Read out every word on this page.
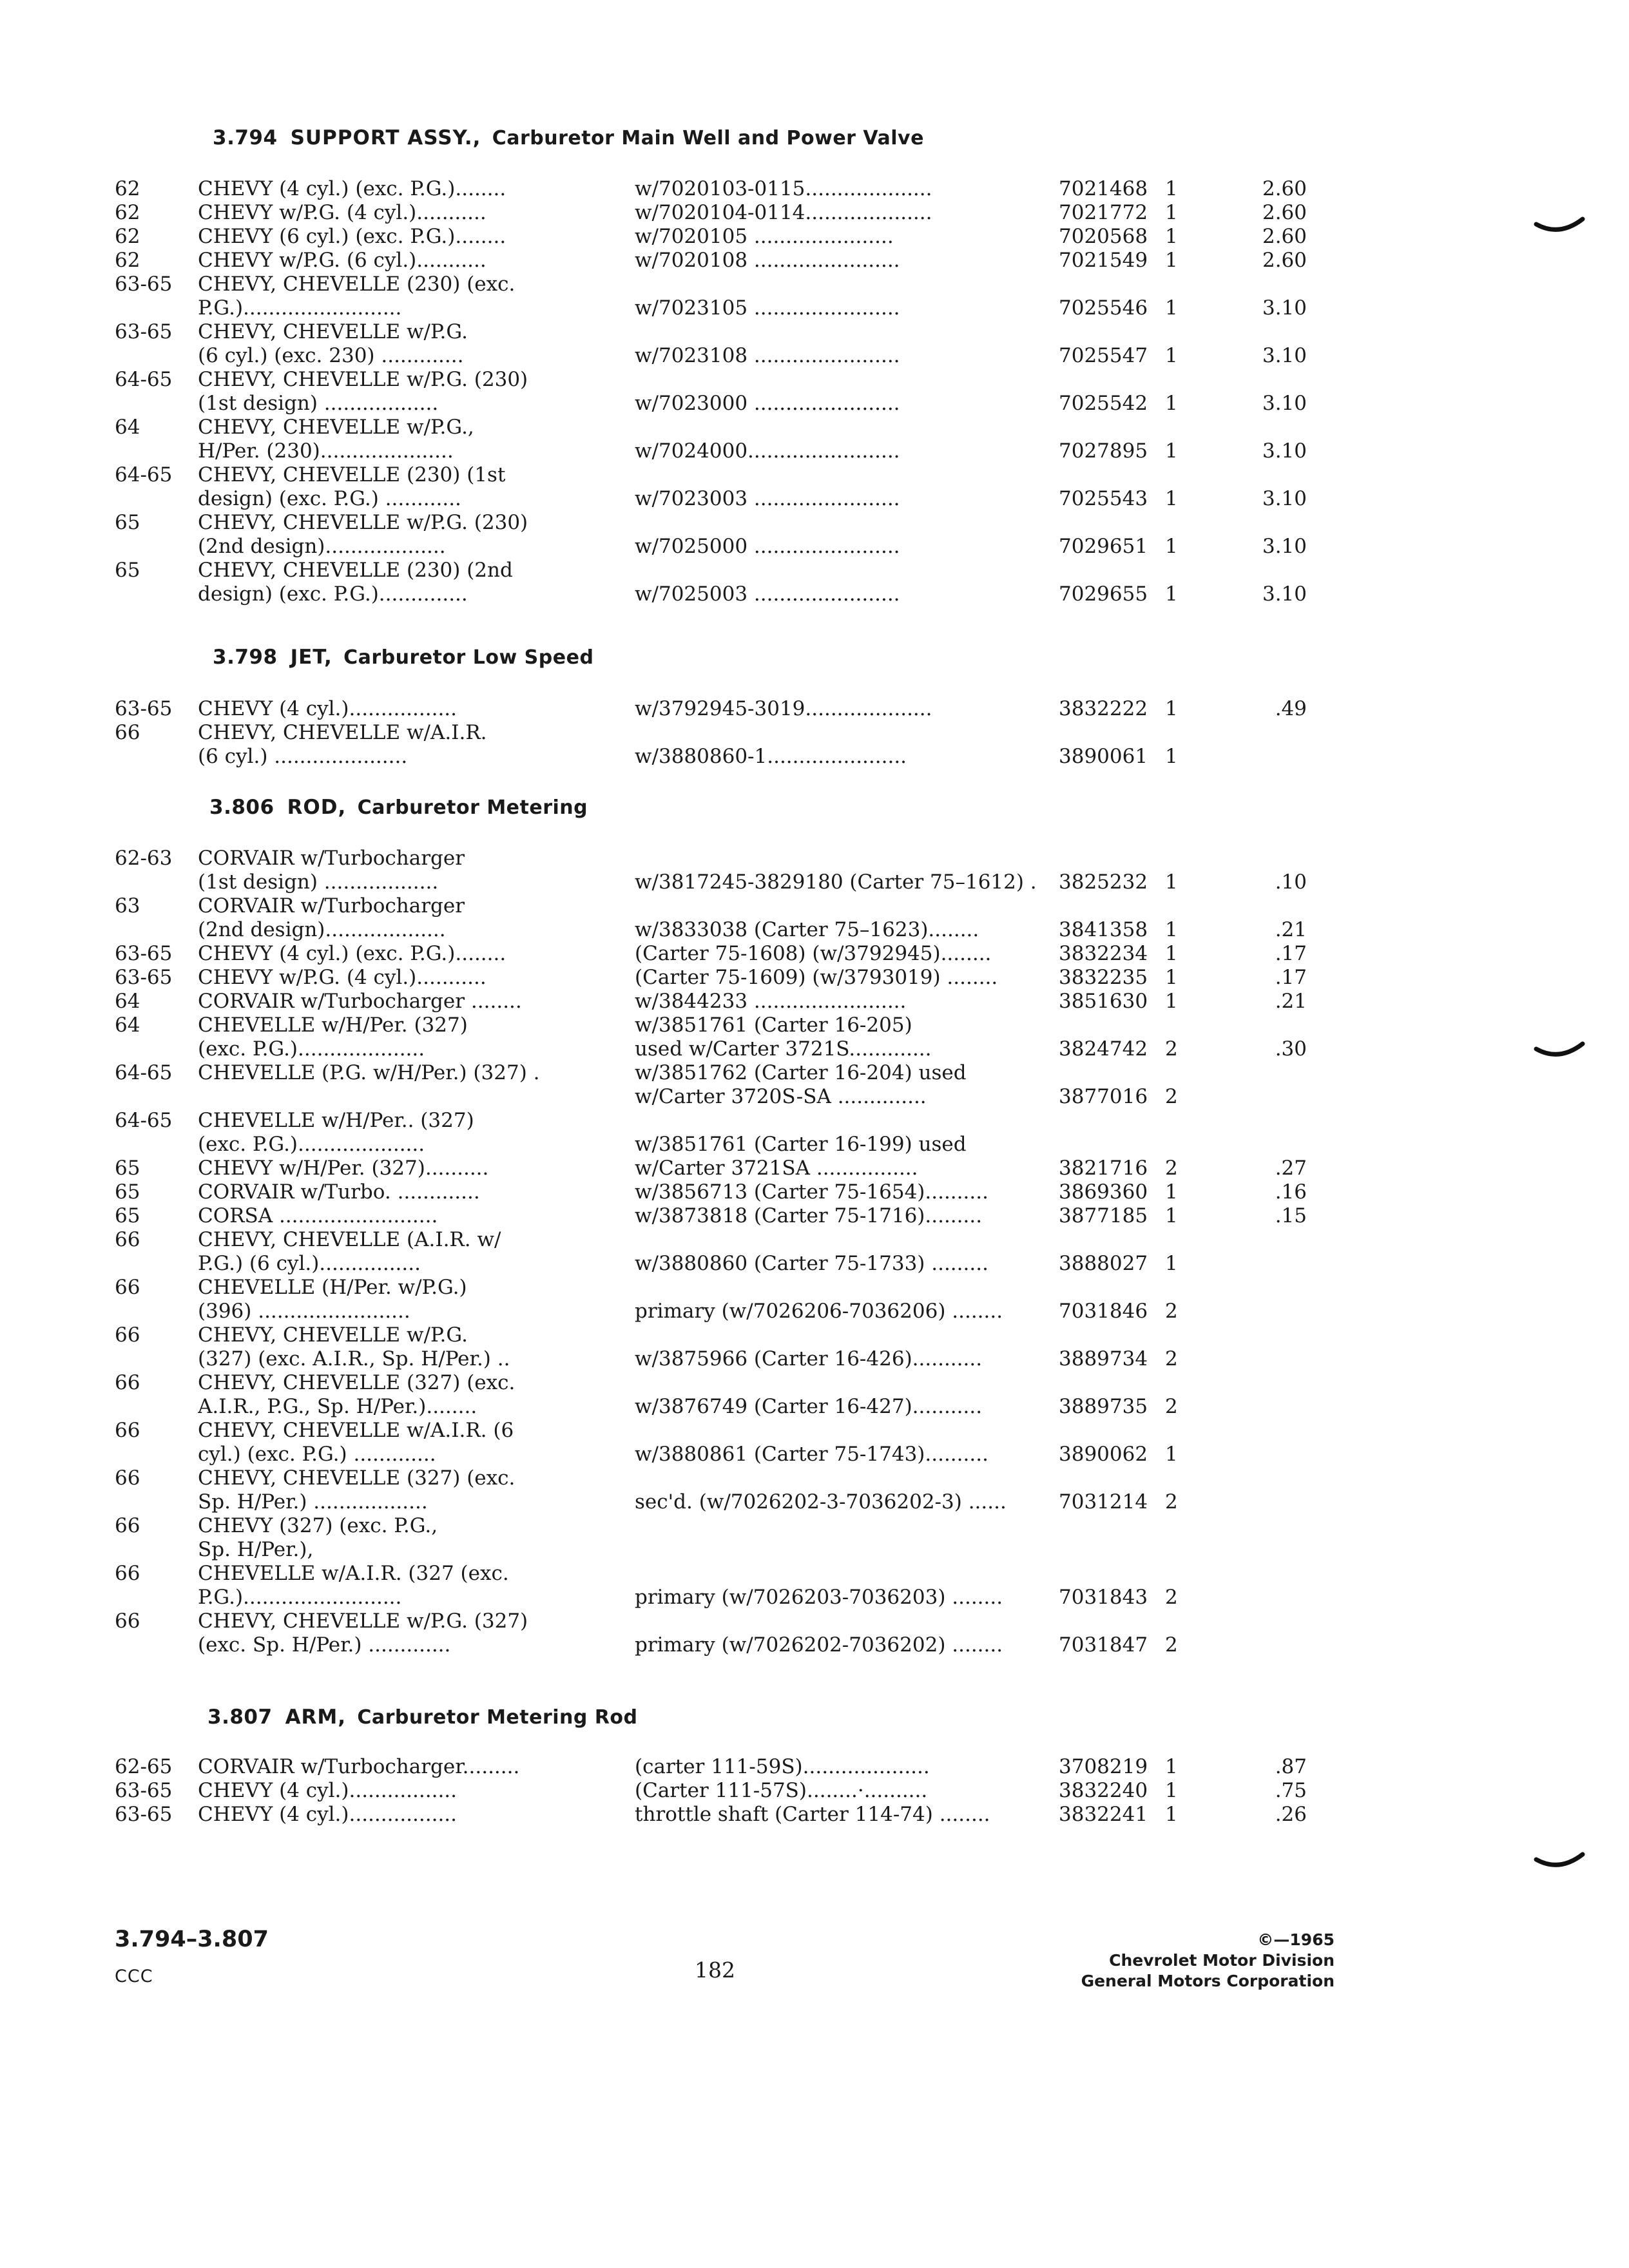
3.794 SUPPORT ASSY., Carburetor Main Well and Power Valve
62	CHEVY (4 cyl.) (exc. P.G.)........	w/7020103-0115....................	7021468 1	2.60
62	CHEVY w/P.G. (4 cyl.)...........	w/7020104-0114....................	7021772 1	2.60
62	CHEVY (6 cyl.) (exc. P.G.)........	w/7020105 ......................	7020568 1	2.60
62	CHEVY w/P.G. (6 cyl.)...........	w/7020108 .......................	7021549 1	2.60
63-65 CHEVY, CHEVELLE (230) (exc.
P.G.).........................	w/7023105 .......................	7025546 1	3.10
63-65 CHEVY, CHEVELLE w/P.G.
(6 cyl.) (exc. 230) .............	w/7023108 .......................	7025547 1	3.10
64-65 CHEVY, CHEVELLE w/P.G. (230)
(1st design) ..................	w/7023000 .......................	7025542 1	3.10
64	CHEVY, CHEVELLE w/P.G.,
H/Per. (230).....................	w/7024000........................	7027895 1	3.10
64-65 CHEVY, CHEVELLE (230) (1st
design) (exc. P.G.) ............	w/7023003 .......................	7025543 1	3.10
65	CHEVY, CHEVELLE w/P.G. (230)
(2nd design)...................	w/7025000 .......................	7029651 1	3.10
65	CHEVY, CHEVELLE (230) (2nd
design) (exc. P.G.)..............	w/7025003 .......................	7029655 1	3.10
3.798 JET, Carburetor Low Speed
63-65 CHEVY (4 cyl.).................	w/3792945-3019....................	3832222 1	.49
66	CHEVY, CHEVELLE w/A.I.R.
(6 cyl.) .....................	w/3880860-1......................	3890061 1
3.806 ROD, Carburetor Metering
62-63 CORVAIR w/Turbocharger
(1st design) ..................	w/3817245-3829180 (Carter 75–1612) . 3825232 1	.10
63	CORVAIR w/Turbocharger
(2nd design)...................	w/3833038 (Carter 75–1623)........	3841358 1	.21
63-65 CHEVY (4 cyl.) (exc. P.G.)........	(Carter 75-1608) (w/3792945)........	3832234 1	.17
63-65 CHEVY w/P.G. (4 cyl.)...........	(Carter 75-1609) (w/3793019) ........	3832235 1	.17
64	CORVAIR w/Turbocharger ........	w/3844233 ........................	3851630 1	.21
64	CHEVELLE w/H/Per. (327)	w/3851761 (Carter 16-205)
(exc. P.G.)....................	used w/Carter 3721S.............	3824742 2	.30
64-65 CHEVELLE (P.G. w/H/Per.) (327) .	w/3851762 (Carter 16-204) used
w/Carter 3720S-SA ..............	3877016 2
64-65 CHEVELLE w/H/Per.. (327)
(exc. P.G.)....................	w/3851761 (Carter 16-199) used
65	CHEVY w/H/Per. (327)..........	w/Carter 3721SA ................	3821716 2	.27
65	CORVAIR w/Turbo. .............	w/3856713 (Carter 75-1654)..........	3869360 1	.16
65	CORSA .........................	w/3873818 (Carter 75-1716).........	3877185 1	.15
66	CHEVY, CHEVELLE (A.I.R. w/
P.G.) (6 cyl.)................	w/3880860 (Carter 75-1733) .........	3888027 1
66	CHEVELLE (H/Per. w/P.G.)
(396) ........................	primary (w/7026206-7036206) ........	7031846 2
66	CHEVY, CHEVELLE w/P.G.
(327) (exc. A.I.R., Sp. H/Per.) ..	w/3875966 (Carter 16-426)...........	3889734 2
66	CHEVY, CHEVELLE (327) (exc.
A.I.R., P.G., Sp. H/Per.)........	w/3876749 (Carter 16-427)...........	3889735 2
66	CHEVY, CHEVELLE w/A.I.R. (6
cyl.) (exc. P.G.) .............	w/3880861 (Carter 75-1743)..........	3890062 1
66	CHEVY, CHEVELLE (327) (exc.
Sp. H/Per.) ..................	sec'd. (w/7026202-3-7036202-3) ......	7031214 2
66	CHEVY (327) (exc. P.G.,
Sp. H/Per.),
66	CHEVELLE w/A.I.R. (327 (exc.
P.G.).........................	primary (w/7026203-7036203) ........	7031843 2
66	CHEVY, CHEVELLE w/P.G. (327)
(exc. Sp. H/Per.) .............	primary (w/7026202-7036202) ........	7031847 2
3.807 ARM, Carburetor Metering Rod
62-65 CORVAIR w/Turbocharger.........	(carter 111-59S)....................	3708219 1	.87
63-65 CHEVY (4 cyl.).................	(Carter 111-57S)........·..........	3832240 1	.75
63-65 CHEVY (4 cyl.).................	throttle shaft (Carter 114-74) ........	3832241 1	.26
3.794–3.807
CCC	182
©—1965
Chevrolet Motor Division
General Motors Corporation
